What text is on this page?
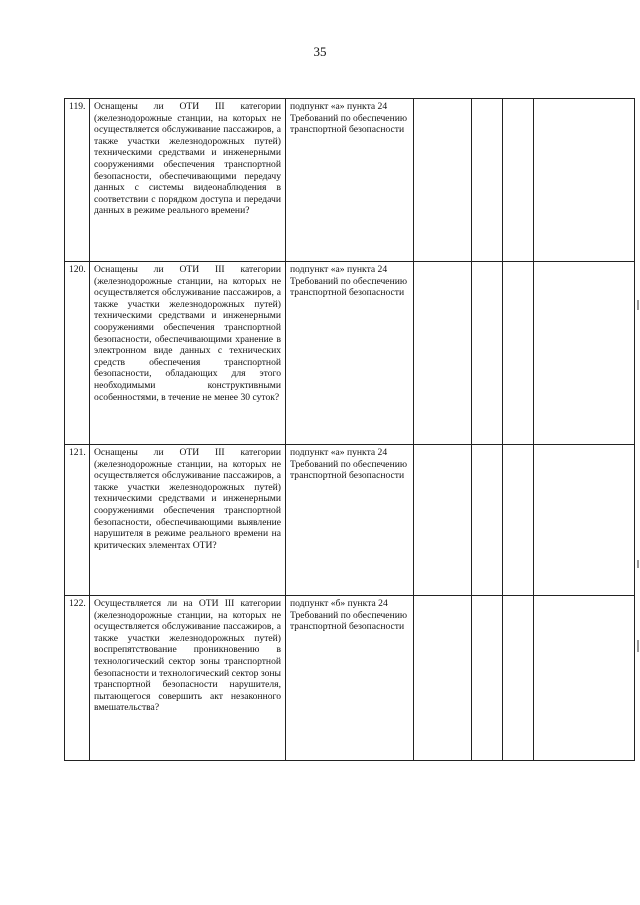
35
119.	Оснащены ли ОТИ III категории (железнодорожные станции, на которых не осуществляется обслуживание пассажиров, а также участки железнодорожных путей) техническими средствами и инженерными сооружениями обеспечения транспортной безопасности, обеспечивающими передачу данных с системы видеонаблюдения в соответствии с порядком доступа и передачи данных в режиме реального времени?	подпункт «а» пункта 24 Требований по обеспечению транспортной безопасности				
120.	Оснащены ли ОТИ III категории (железнодорожные станции, на которых не осуществляется обслуживание пассажиров, а также участки железнодорожных путей) техническими средствами и инженерными сооружениями обеспечения транспортной безопасности, обеспечивающими хранение в электронном виде данных с технических средств обеспечения транспортной безопасности, обладающих для этого необходимыми конструктивными особенностями, в течение не менее 30 суток?	подпункт «а» пункта 24 Требований по обеспечению транспортной безопасности				
121.	Оснащены ли ОТИ III категории (железнодорожные станции, на которых не осуществляется обслуживание пассажиров, а также участки железнодорожных путей) техническими средствами и инженерными сооружениями обеспечения транспортной безопасности, обеспечивающими выявление нарушителя в режиме реального времени на критических элементах ОТИ?	подпункт «а» пункта 24 Требований по обеспечению транспортной безопасности				
122.	Осуществляется ли на ОТИ III категории (железнодорожные станции, на которых не осуществляется обслуживание пассажиров, а также участки железнодорожных путей) воспрепятствование проникновению в технологический сектор зоны транспортной безопасности и технологический сектор зоны транспортной безопасности нарушителя, пытающегося совершить акт незаконного вмешательства?	подпункт «б» пункта 24 Требований по обеспечению транспортной безопасности				
